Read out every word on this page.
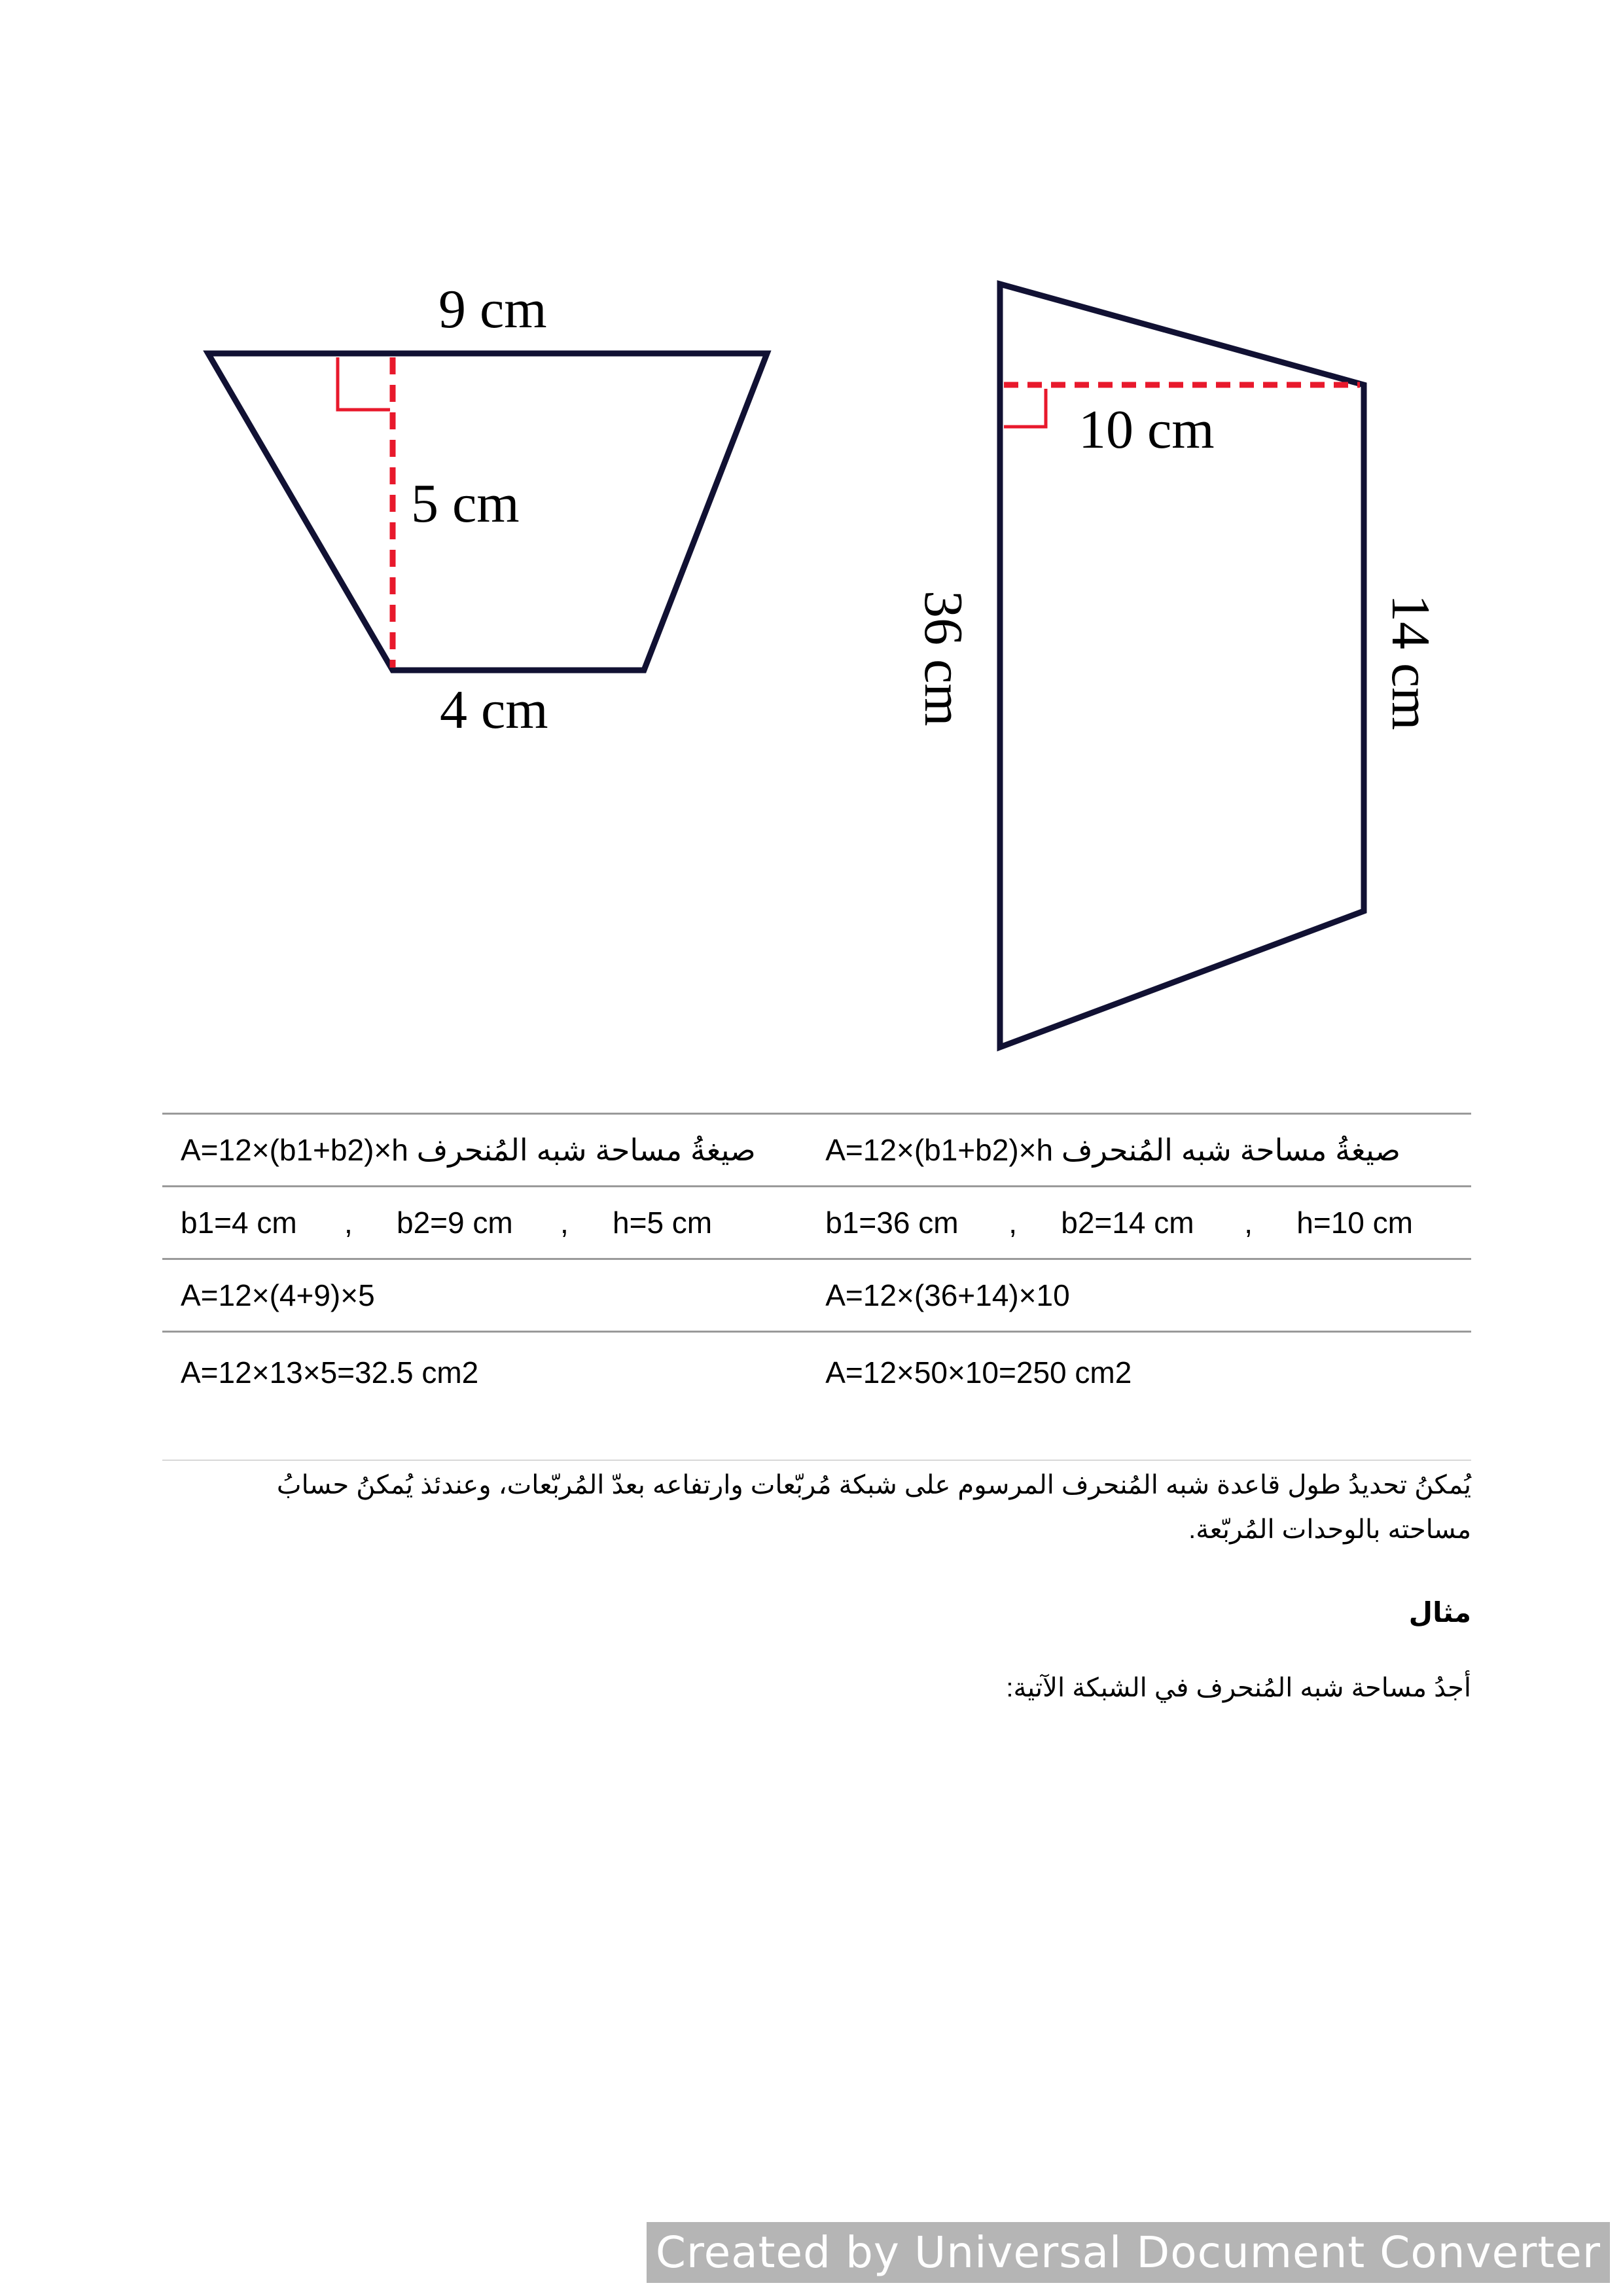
9 cm
5 cm
4 cm
10 cm
36 cm	14 cm
A=12×(b1+b2)×h صيغةُ مساحة شبه المُنحرف	A=12×(b1+b2)×h صيغةُ مساحة شبه المُنحرف
b1=4 cm , b2=9 cm , h=5 cm	b1=36 cm , b2=14 cm , h=10 cm
A=12×(4+9)×5	A=12×(36+14)×10
A=12×13×5=32.5 cm2	A=12×50×10=250 cm2
يُمكنُ تحديدُ طول قاعدة شبه المُنحرف المرسوم على شبكة مُربّعات وارتفاعه بعدّ المُربّعات، وعندئذ يُمكنُ حسابُ مساحته بالوحدات المُربّعة.
مثال
أجدُ مساحة شبه المُنحرف في الشبكة الآتية:
Created by Universal Document Converter
